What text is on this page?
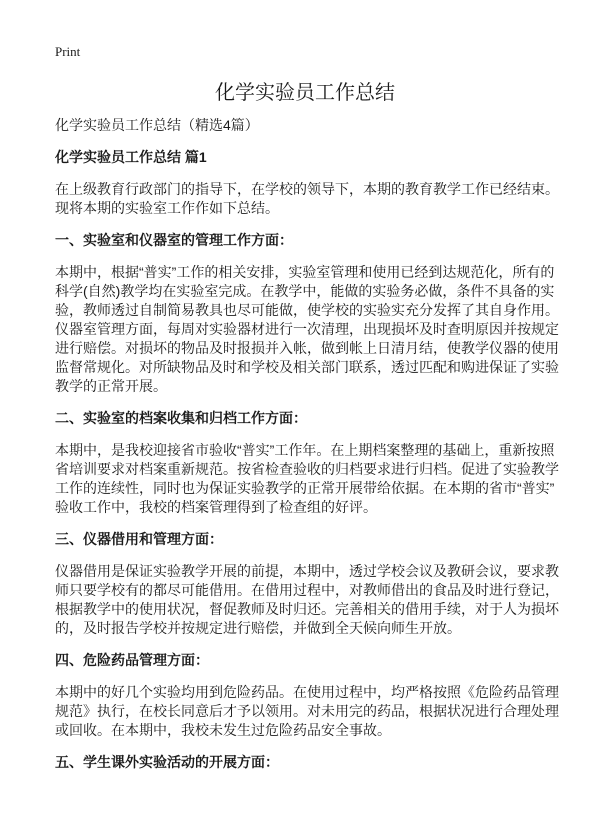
Print
化学实验员工作总结
化学实验员工作总结（精选4篇）
化学实验员工作总结 篇1
在上级教育行政部门的指导下，在学校的领导下，本期的教育教学工作已经结束。
现将本期的实验室工作作如下总结。
一、实验室和仪器室的管理工作方面：
本期中，根据“普实”工作的相关安排，实验室管理和使用已经到达规范化，所有的
科学(自然)教学均在实验室完成。在教学中，能做的实验务必做，条件不具备的实
验，教师透过自制简易教具也尽可能做，使学校的实验实充分发挥了其自身作用。
仪器室管理方面，每周对实验器材进行一次清理，出现损坏及时查明原因并按规定
进行赔偿。对损坏的物品及时报损并入帐，做到帐上日清月结，使教学仪器的使用
监督常规化。对所缺物品及时和学校及相关部门联系，透过匹配和购进保证了实验
教学的正常开展。
二、实验室的档案收集和归档工作方面：
本期中，是我校迎接省市验收“普实”工作年。在上期档案整理的基础上，重新按照
省培训要求对档案重新规范。按省检查验收的归档要求进行归档。促进了实验教学
工作的连续性，同时也为保证实验教学的正常开展带给依据。在本期的省市“普实”
验收工作中，我校的档案管理得到了检查组的好评。
三、仪器借用和管理方面：
仪器借用是保证实验教学开展的前提，本期中，透过学校会议及教研会议，要求教
师只要学校有的都尽可能借用。在借用过程中，对教师借出的食品及时进行登记，
根据教学中的使用状况，督促教师及时归还。完善相关的借用手续，对于人为损坏
的，及时报告学校并按规定进行赔偿，并做到全天候向师生开放。
四、危险药品管理方面：
本期中的好几个实验均用到危险药品。在使用过程中，均严格按照《危险药品管理
规范》执行，在校长同意后才予以领用。对未用完的药品，根据状况进行合理处理
或回收。在本期中，我校未发生过危险药品安全事故。
五、学生课外实验活动的开展方面：
